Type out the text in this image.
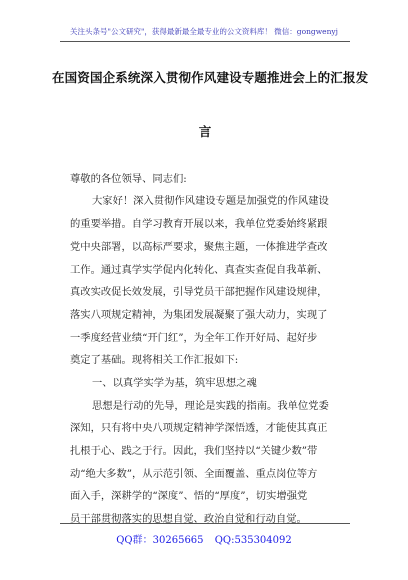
关注头条号"公文研究"，获得最新最全最专业的公文资料库！ 微信：gongwenyj
在国资国企系统深入贯彻作风建设专题推进会上的汇报发
言
尊敬的各位领导、同志们:
大家好！深入贯彻作风建设专题是加强党的作风建设
的重要举措。自学习教育开展以来，我单位党委始终紧跟
党中央部署，以高标严要求，聚焦主题，一体推进学查改
工作。通过真学实学促内化转化、真查实查促自我革新、
真改实改促长效发展，引导党员干部把握作风建设规律，
落实八项规定精神，为集团发展凝聚了强大动力，实现了
一季度经营业绩“开门红”，为全年工作开好局、起好步
奠定了基础。现将相关工作汇报如下:
一、以真学实学为基，筑牢思想之魂
思想是行动的先导，理论是实践的指南。我单位党委
深知，只有将中央八项规定精神学深悟透，才能使其真正
扎根于心、践之于行。因此，我们坚持以“关键少数”带
动“绝大多数”，从示范引领、全面覆盖、重点岗位等方
面入手，深耕学的“深度”、悟的“厚度”，切实增强党
员干部贯彻落实的思想自觉、政治自觉和行动自觉。
QQ群：30265665 QQ:535304092
